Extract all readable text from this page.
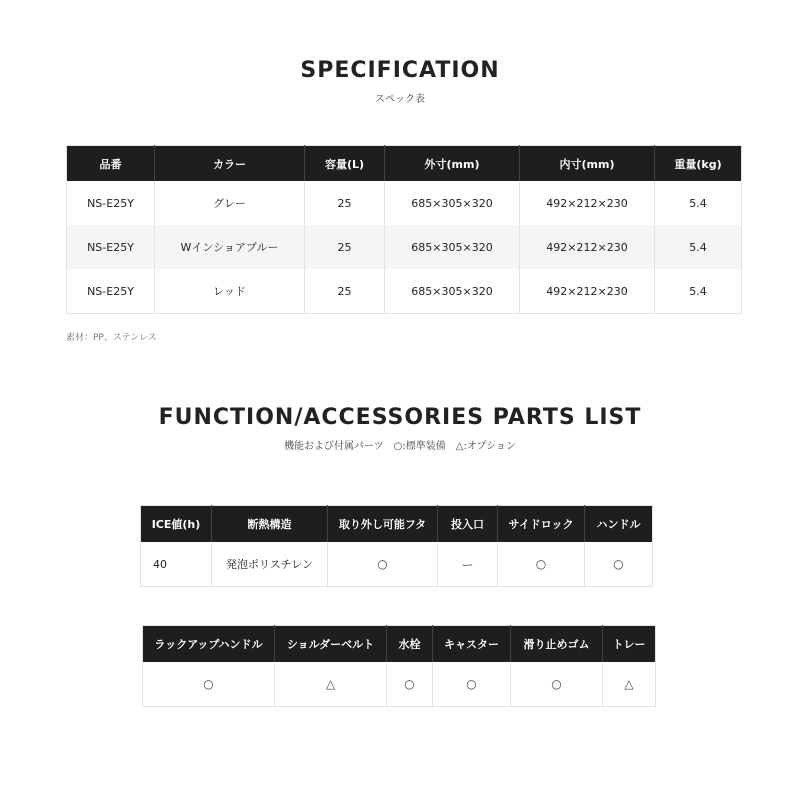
SPECIFICATION
スペック表
品番	カラー	容量(L)	外寸(mm)	内寸(mm)	重量(kg)
NS-E25Y	グレー	25	685×305×320	492×212×230	5.4
NS-E25Y	Wインショアブルー	25	685×305×320	492×212×230	5.4
NS-E25Y	レッド	25	685×305×320	492×212×230	5.4
素材：PP、ステンレス
FUNCTION/ACCESSORIES PARTS LIST
機能および付属パーツ　○:標準装備　△:オプション
ICE値(h)	断熱構造	取り外し可能フタ	投入口	サイドロック	ハンドル
40	発泡ポリスチレン	○	ー	○	○
ラックアップハンドル	ショルダーベルト	水栓	キャスター	滑り止めゴム	トレー
○	△	○	○	○	△
